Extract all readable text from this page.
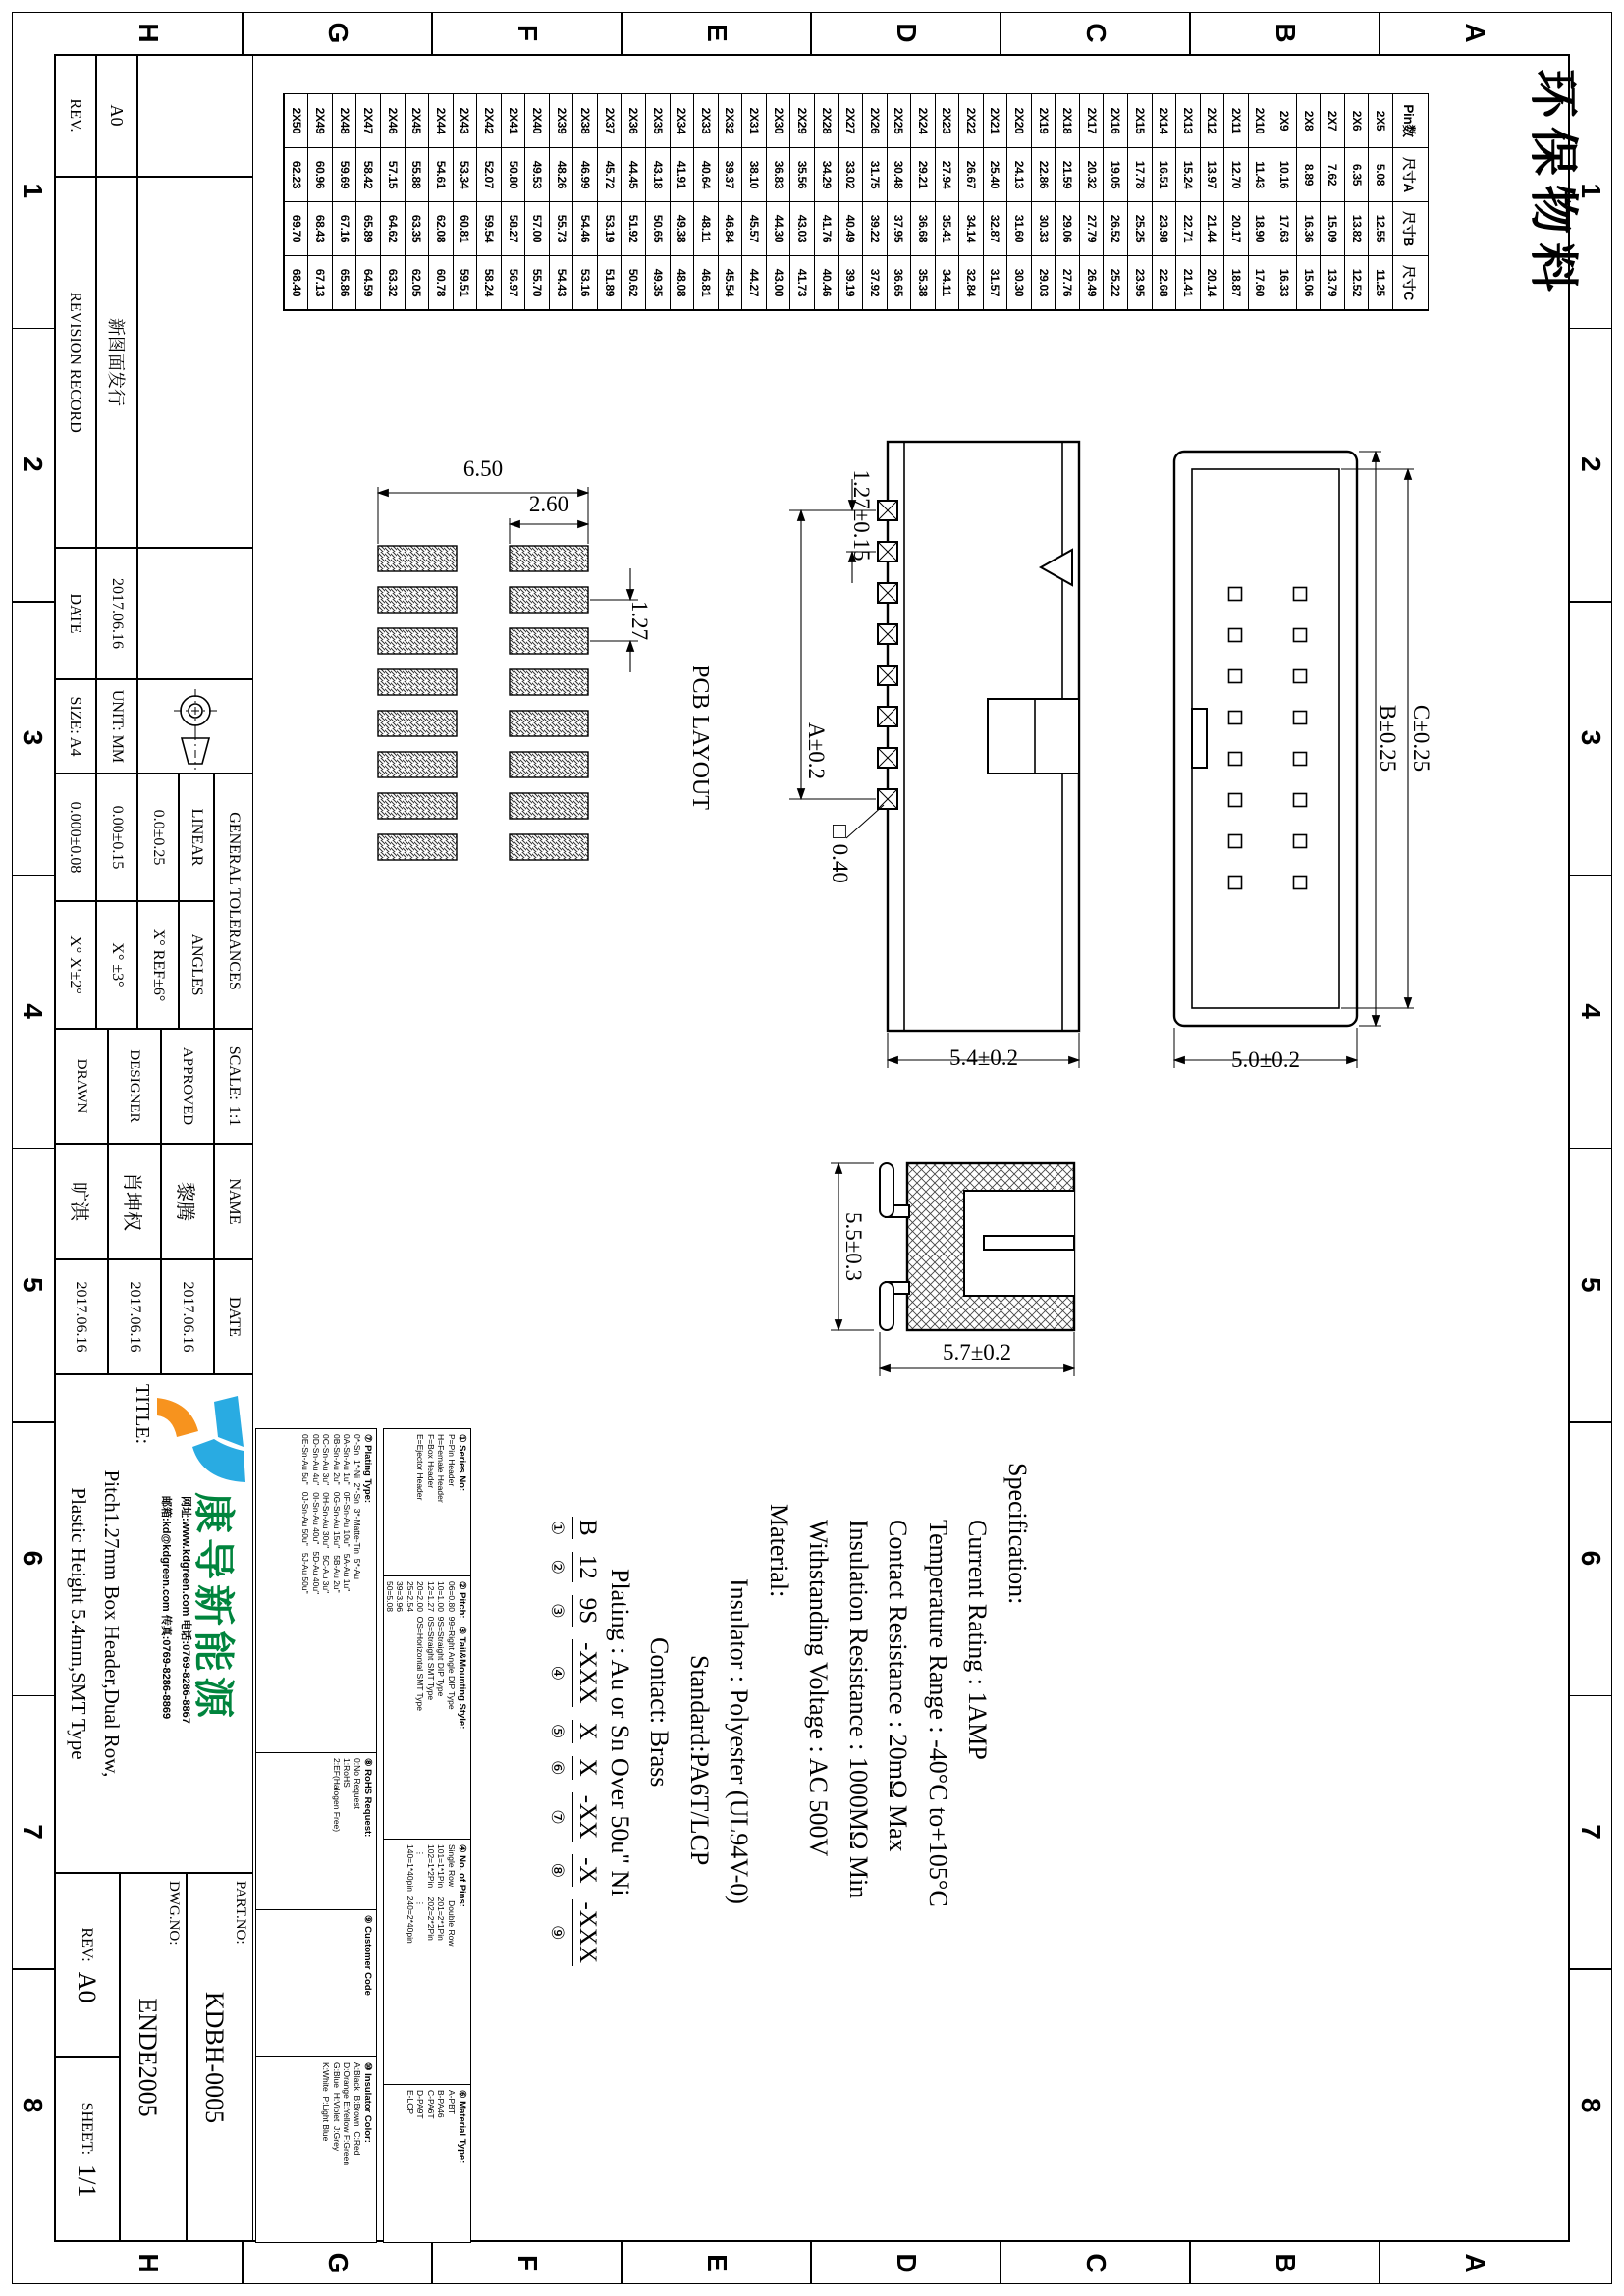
1
1
2
2
3
3
4
4
5
5
6
6
7
7
8
8
A
A
B
B
C
C
D
D
E
E
F
F
G
G
H
H
环保物料
Pin数
尺寸A
尺寸B
尺寸C
2X5
5.08
12.55
11.25
2X6
6.35
13.82
12.52
2X7
7.62
15.09
13.79
2X8
8.89
16.36
15.06
2X9
10.16
17.63
16.33
2X10
11.43
18.90
17.60
2X11
12.70
20.17
18.87
2X12
13.97
21.44
20.14
2X13
15.24
22.71
21.41
2X14
16.51
23.98
22.68
2X15
17.78
25.25
23.95
2X16
19.05
26.52
25.22
2X17
20.32
27.79
26.49
2X18
21.59
29.06
27.76
2X19
22.86
30.33
29.03
2X20
24.13
31.60
30.30
2X21
25.40
32.87
31.57
2X22
26.67
34.14
32.84
2X23
27.94
35.41
34.11
2X24
29.21
36.68
35.38
2X25
30.48
37.95
36.65
2X26
31.75
39.22
37.92
2X27
33.02
40.49
39.19
2X28
34.29
41.76
40.46
2X29
35.56
43.03
41.73
2X30
36.83
44.30
43.00
2X31
38.10
45.57
44.27
2X32
39.37
46.84
45.54
2X33
40.64
48.11
46.81
2X34
41.91
49.38
48.08
2X35
43.18
50.65
49.35
2X36
44.45
51.92
50.62
2X37
45.72
53.19
51.89
2X38
46.99
54.46
53.16
2X39
48.26
55.73
54.43
2X40
49.53
57.00
55.70
2X41
50.80
58.27
56.97
2X42
52.07
59.54
58.24
2X43
53.34
60.81
59.51
2X44
54.61
62.08
60.78
2X45
55.88
63.35
62.05
2X46
57.15
64.62
63.32
2X47
58.42
65.89
64.59
2X48
59.69
67.16
65.86
2X49
60.96
68.43
67.13
2X50
62.23
69.70
68.40
C±0.25
B±0.25
5.0±0.2
1.27±0.15
A±0.2
□ 0.40
5.4±0.2
5.5±0.3
5.7±0.2
6.50
2.60
1.27
PCB LAYOUT
Specification:
Current Rating : 1AMP
Temperature Range : -40°C to+105°C
Contact Resistance : 20mΩ Max
Insulation Resistance : 1000MΩ Min
Withstanding Voltage : AC 500V
Material:
Insulator : Polyester (UL94V-0)
Standard:PA6T/LCP
Contact: Brass
Plating : Au or Sn Over 50u" Ni
B
①
12
②
9S
③
-XXX
④
X
⑤
X
⑥
-XX
⑦
-X
⑧
-XXX
⑨
① Series No:
P=Pin Header
H=Female Header
F=Box Header
E=Ejector Header
② Pitch:   ③ Tail&Mounting Style:
06=0.80  99=Right Angle DIP Type
10=1.00  9S=Straight DIP Type
12=1.27  0S=Straight SMT Type
20=2.00  OS=Horizontal SMT Type
25=2.54
39=3.96
50=5.08
④ No. of Pins:
Single Row      Double Row
101=1*1Pin    201=2*1Pin
102=1*2Pin    202=2*2Pin
⋮                  ⋮
140=1*40pin  240=2*40pin
⑥ Material Type:
A-PBT
B-PA46
C-PA6T
D-PA9T
E-LCP
⑦ Plating Type:
0*-Sn  1*-Ni  2*-Sn  3*-Matte-Tin  5*-Au
0A-Sn-Au 1u"   0F-Sn-Au 10u"   5A-Au 1u"
0B-Sn-Au 2u"   0G-Sn-Au 15u"   5B-Au 2u"
0C-Sn-Au 3u"   0H-Sn-Au 30u"   5C-Au 3u"
0D-Sn-Au 4u"   0I-Sn-Au 40u"   5D-Au 40u"
0E-Sn-Au 5u"   0J-Sn-Au 50u"   5J-Au 50u"
⑧ RoHS Request:
0:No Request
1:RoHS
2:EF(Halogen Free)
⑨ Customer Code
⑩ Insulator Color:
A:Black  B:Brown  C:Red
D:Orange E:Yellow F:Green
G:Blue  H:Violet  J:Grey
K:White  P:Light Blue
A0
新图面发行
2017.06.16
REV.
REVISION RECORD
DATE
UNIT: MM
SIZE: A4
GENERAL TOLERANCES
LINEAR
ANGLES
0.0±0.25
X° REF±6°
0.00±0.15
X° ±3°
0.000±0.08
X° X'±2°
SCALE:
1:1
NAME
DATE
APPROVED
黎腾
2017.06.16
DESIGNER
肖坤权
2017.06.16
DRAWN
旷淇
2017.06.16
康导新能源
网址:www.kdgreen.com 电话:0769-8286-8867
邮箱:kd@kdgreen.com 传真:0769-8286-8869
TITLE:
Pitch1.27mm Box Header,Dual Row,
Plastic Height 5.4mm,SMT Type
PART.NO:
KDBH-0005
DWG.NO:
ENDE2005
REV:
A0
SHEET:
1/1
